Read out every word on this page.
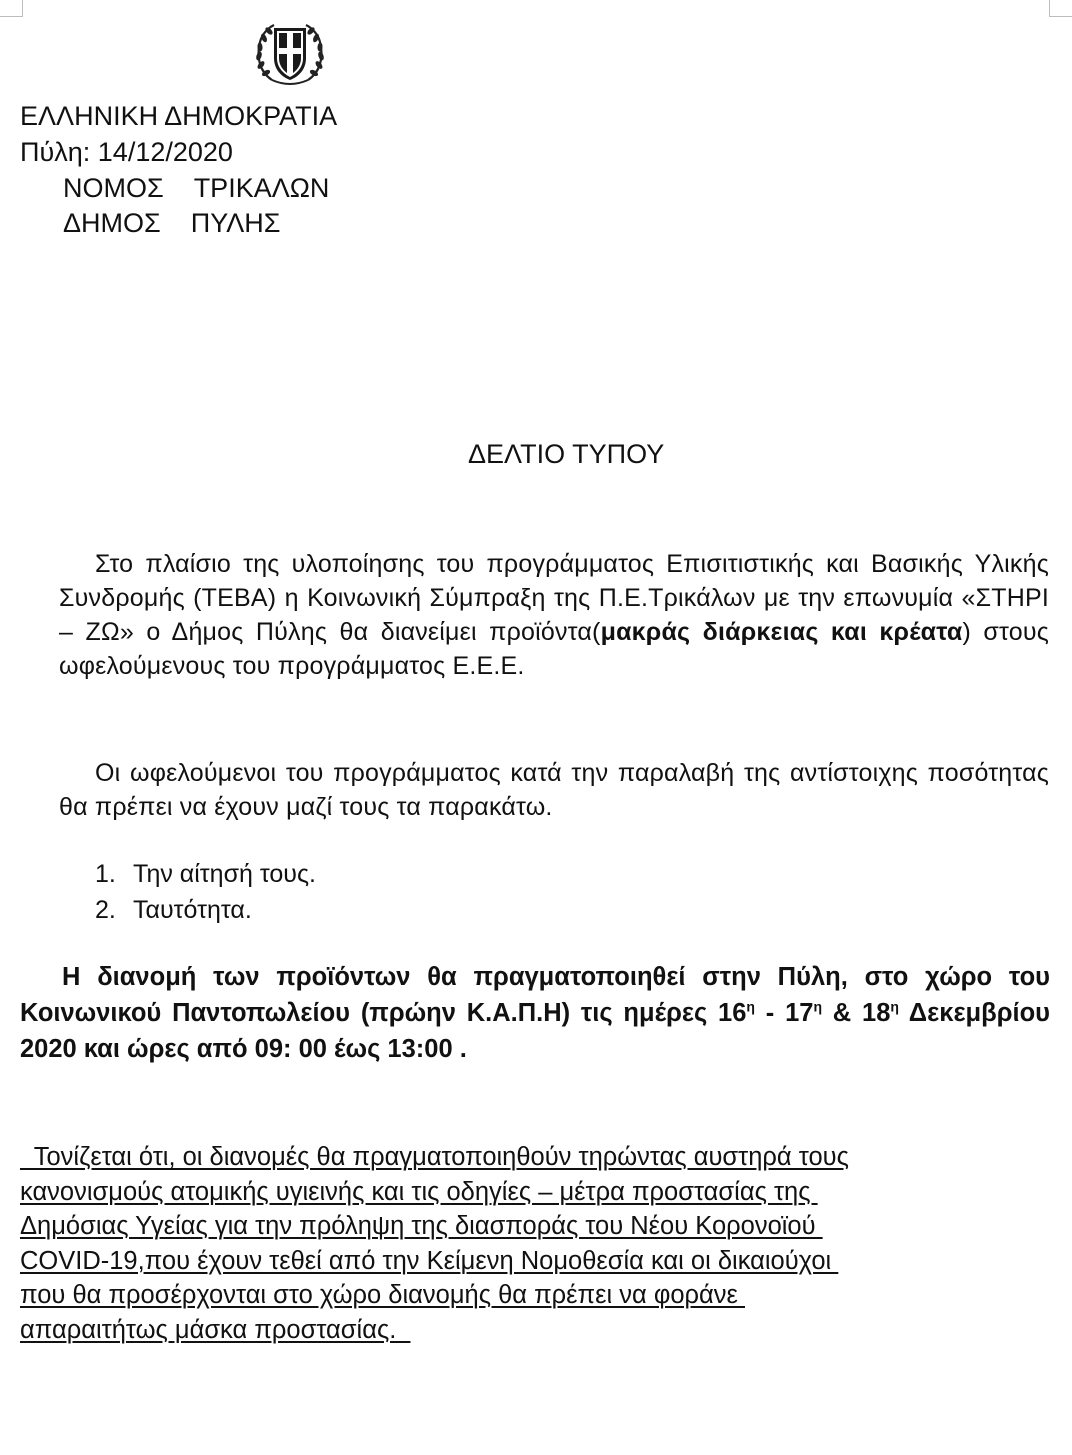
ΕΛΛΗΝΙΚΗ ΔΗΜΟΚΡΑΤΙΑ
Πύλη: 14/12/2020
ΝΟΜΟΣ ΤΡΙΚΑΛΩΝ
ΔΗΜΟΣ ΠΥΛΗΣ
ΔΕΛΤΙΟ ΤΥΠΟΥ
Στο πλαίσιο της υλοποίησης του προγράμματος Επισιτιστικής και Βασικής Υλικής Συνδρομής (ΤΕΒΑ) η Κοινωνική Σύμπραξη της Π.Ε.Τρικάλων με την επωνυμία «ΣΤΗΡΙ – ΖΩ» ο Δήμος Πύλης θα διανείμει προϊόντα(μακράς διάρκειας και κρέατα) στους ωφελούμενους του προγράμματος Ε.Ε.Ε.
Οι ωφελούμενοι του προγράμματος κατά την παραλαβή της αντίστοιχης ποσότητας θα πρέπει να έχουν μαζί τους τα παρακάτω.
1. Την αίτησή τους.
2. Ταυτότητα.
Η διανομή των προϊόντων θα πραγματοποιηθεί στην Πύλη, στο χώρο του Κοινωνικού Παντοπωλείου (πρώην Κ.Α.Π.Η) τις ημέρες $16^\eta - 17^\eta$ & $18^\eta$ Δεκεμβρίου 2020 και ώρες από 09: 00 έως 13:00 .
Τονίζεται ότι, οι διανομές θα πραγματοποιηθούν τηρώντας αυστηρά τους
κανονισμούς ατομικής υγιεινής και τις οδηγίες – μέτρα προστασίας της
Δημόσιας Υγείας για την πρόληψη της διασποράς του Νέου Κορονοϊού
COVID-19,που έχουν τεθεί από την Κείμενη Νομοθεσία και οι δικαιούχοι
που θα προσέρχονται στο χώρο διανομής θα πρέπει να φοράνε
απαραιτήτως μάσκα προστασίας.
